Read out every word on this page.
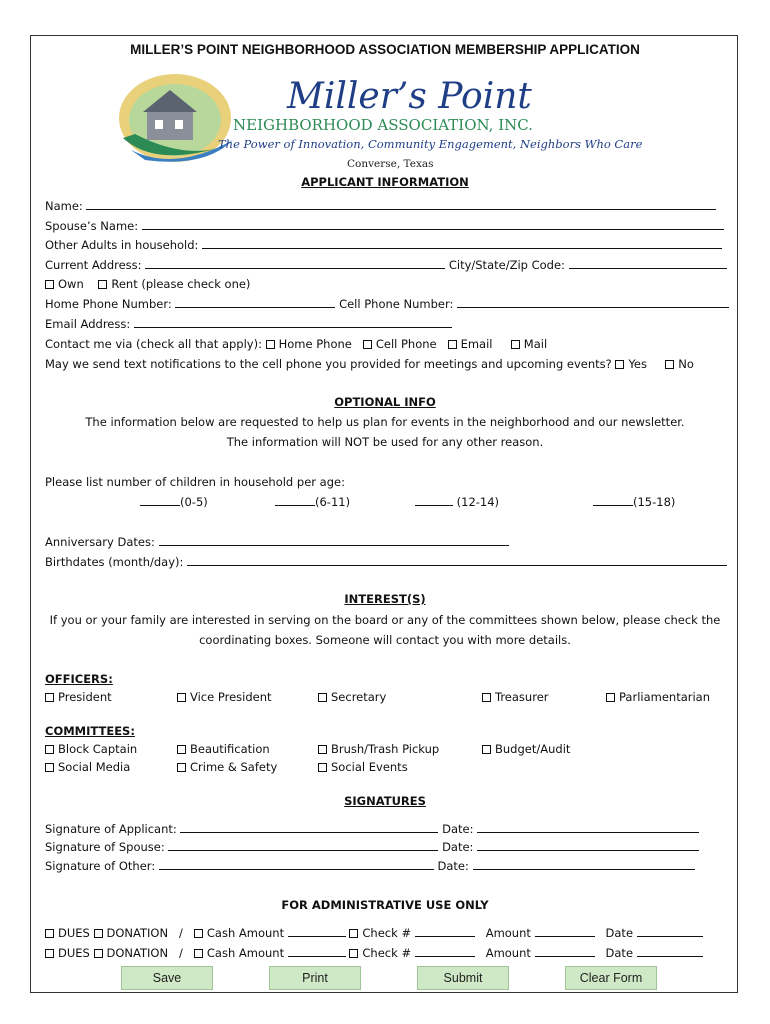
MILLER’S POINT NEIGHBORHOOD ASSOCIATION MEMBERSHIP APPLICATION
Miller’s Point
NEIGHBORHOOD ASSOCIATION, INC.
The Power of Innovation, Community Engagement, Neighbors Who Care
Converse, Texas
APPLICANT INFORMATION
Name:
Spouse’s Name:
Other Adults in household:
Current Address:	City/State/Zip Code:
Own Rent (please check one)
Home Phone Number:	Cell Phone Number:
Email Address:
Contact me via (check all that apply): Home Phone Cell Phone Email	Mail
May we send text notifications to the cell phone you provided for meetings and upcoming events? Yes	No
OPTIONAL INFO
The information below are requested to help us plan for events in the neighborhood and our newsletter.
The information will NOT be used for any other reason.
Please list number of children in household per age:
(0-5)	(6-11)	(12-14)	(15-18)
Anniversary Dates:
Birthdates (month/day):
INTEREST(S)
If you or your family are interested in serving on the board or any of the committees shown below, please check the
coordinating boxes. Someone will contact you with more details.
OFFICERS:
President	Vice President	Secretary	Treasurer	Parliamentarian
COMMITTEES:
Block Captain	Beautification	Brush/Trash Pickup	Budget/Audit
Social Media	Crime & Safety	Social Events
SIGNATURES
Signature of Applicant:	Date:
Signature of Spouse:	Date:
Signature of Other:	Date:
FOR ADMINISTRATIVE USE ONLY
DUES DONATION / Cash Amount	Check #	Amount	Date
DUES DONATION / Cash Amount	Check #	Amount	Date
Save	Print	Submit	Clear Form
